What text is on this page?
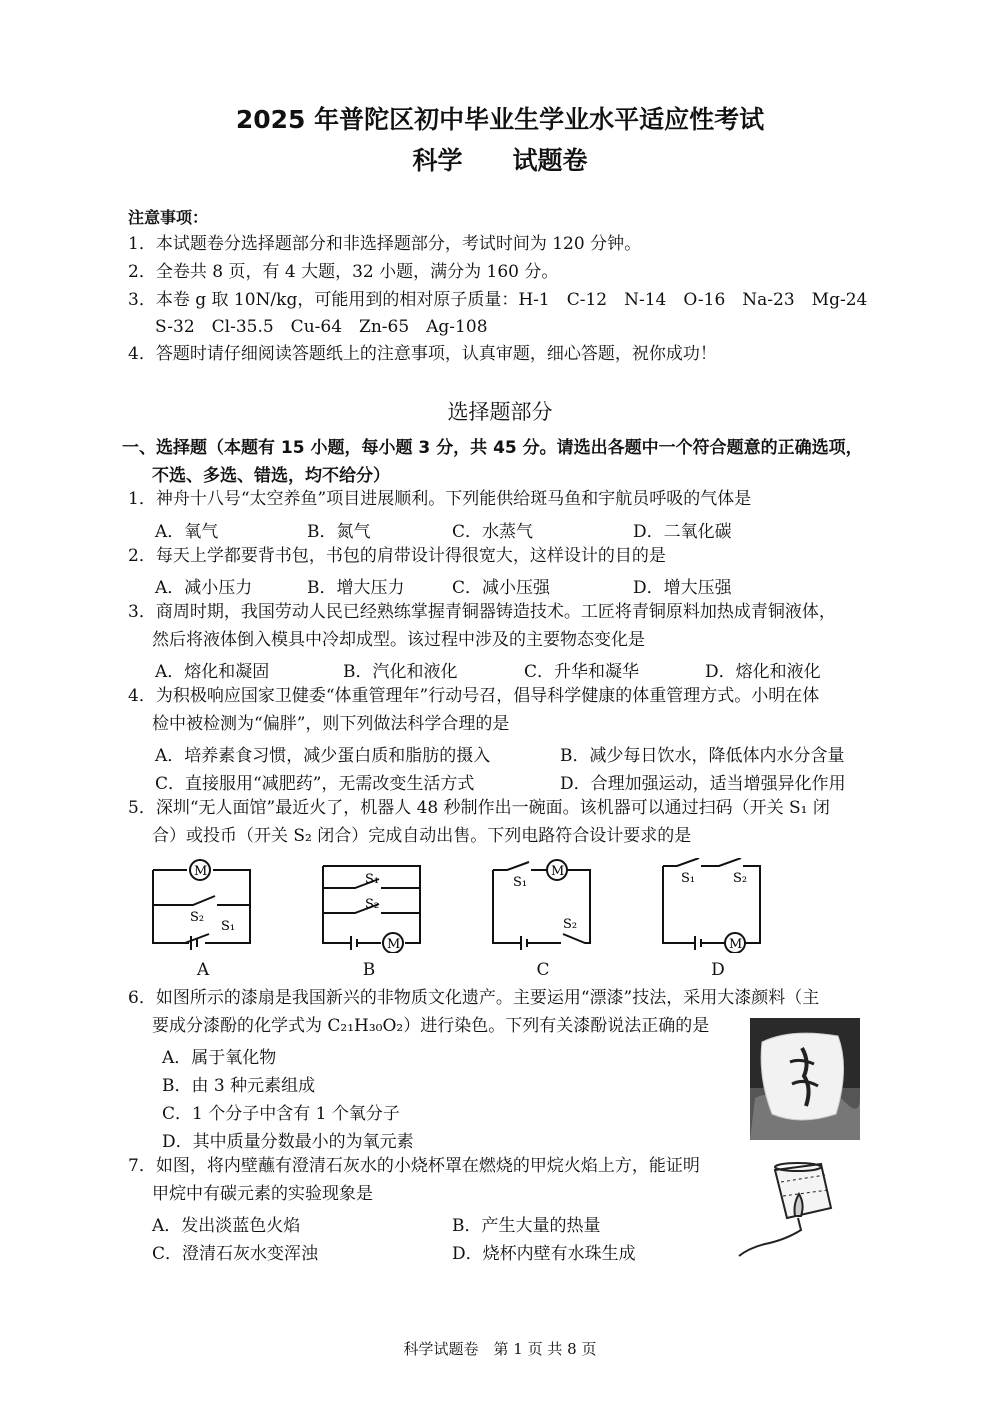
2025 年普陀区初中毕业生学业水平适应性考试
科学　　试题卷
注意事项：
1．本试题卷分选择题部分和非选择题部分，考试时间为 120 分钟。
2．全卷共 8 页，有 4 大题，32 小题，满分为 160 分。
3．本卷 g 取 10N/kg，可能用到的相对原子质量：H-1　C-12　N-14　O-16　Na-23　Mg-24
S-32　Cl-35.5　Cu-64　Zn-65　Ag-108
4．答题时请仔细阅读答题纸上的注意事项，认真审题，细心答题，祝你成功！
选择题部分
一、选择题（本题有 15 小题，每小题 3 分，共 45 分。请选出各题中一个符合题意的正确选项，
不选、多选、错选，均不给分）
1．神舟十八号“太空养鱼”项目进展顺利。下列能供给斑马鱼和宇航员呼吸的气体是
A．氧气	B．氮气	C．水蒸气	D．二氧化碳
2．每天上学都要背书包，书包的肩带设计得很宽大，这样设计的目的是
A．减小压力	B．增大压力	C．减小压强	D．增大压强
3．商周时期，我国劳动人民已经熟练掌握青铜器铸造技术。工匠将青铜原料加热成青铜液体，
然后将液体倒入模具中冷却成型。该过程中涉及的主要物态变化是
A．熔化和凝固	B．汽化和液化	C．升华和凝华	D．熔化和液化
4．为积极响应国家卫健委“体重管理年”行动号召，倡导科学健康的体重管理方式。小明在体
检中被检测为“偏胖”，则下列做法科学合理的是
A．培养素食习惯，减少蛋白质和脂肪的摄入	B．减少每日饮水，降低体内水分含量
C．直接服用“减肥药”，无需改变生活方式	D．合理加强运动，适当增强异化作用
5．深圳“无人面馆”最近火了，机器人 48 秒制作出一碗面。该机器可以通过扫码（开关 S₁ 闭
合）或投币（开关 S₂ 闭合）完成自动出售。下列电路符合设计要求的是
M
S₂
S₁
A
S₁
S₂
M
B
S₁
M
S₂
C
S₁	S₂
M
D
6．如图所示的漆扇是我国新兴的非物质文化遗产。主要运用“漂漆”技法，采用大漆颜料（主
要成分漆酚的化学式为 C₂₁H₃₀O₂）进行染色。下列有关漆酚说法正确的是
A．属于氧化物
B．由 3 种元素组成
C．1 个分子中含有 1 个氧分子
D．其中质量分数最小的为氧元素
7．如图，将内壁蘸有澄清石灰水的小烧杯罩在燃烧的甲烷火焰上方，能证明
甲烷中有碳元素的实验现象是
A．发出淡蓝色火焰	B．产生大量的热量
C．澄清石灰水变浑浊	D．烧杯内壁有水珠生成
科学试题卷　第 1 页 共 8 页
